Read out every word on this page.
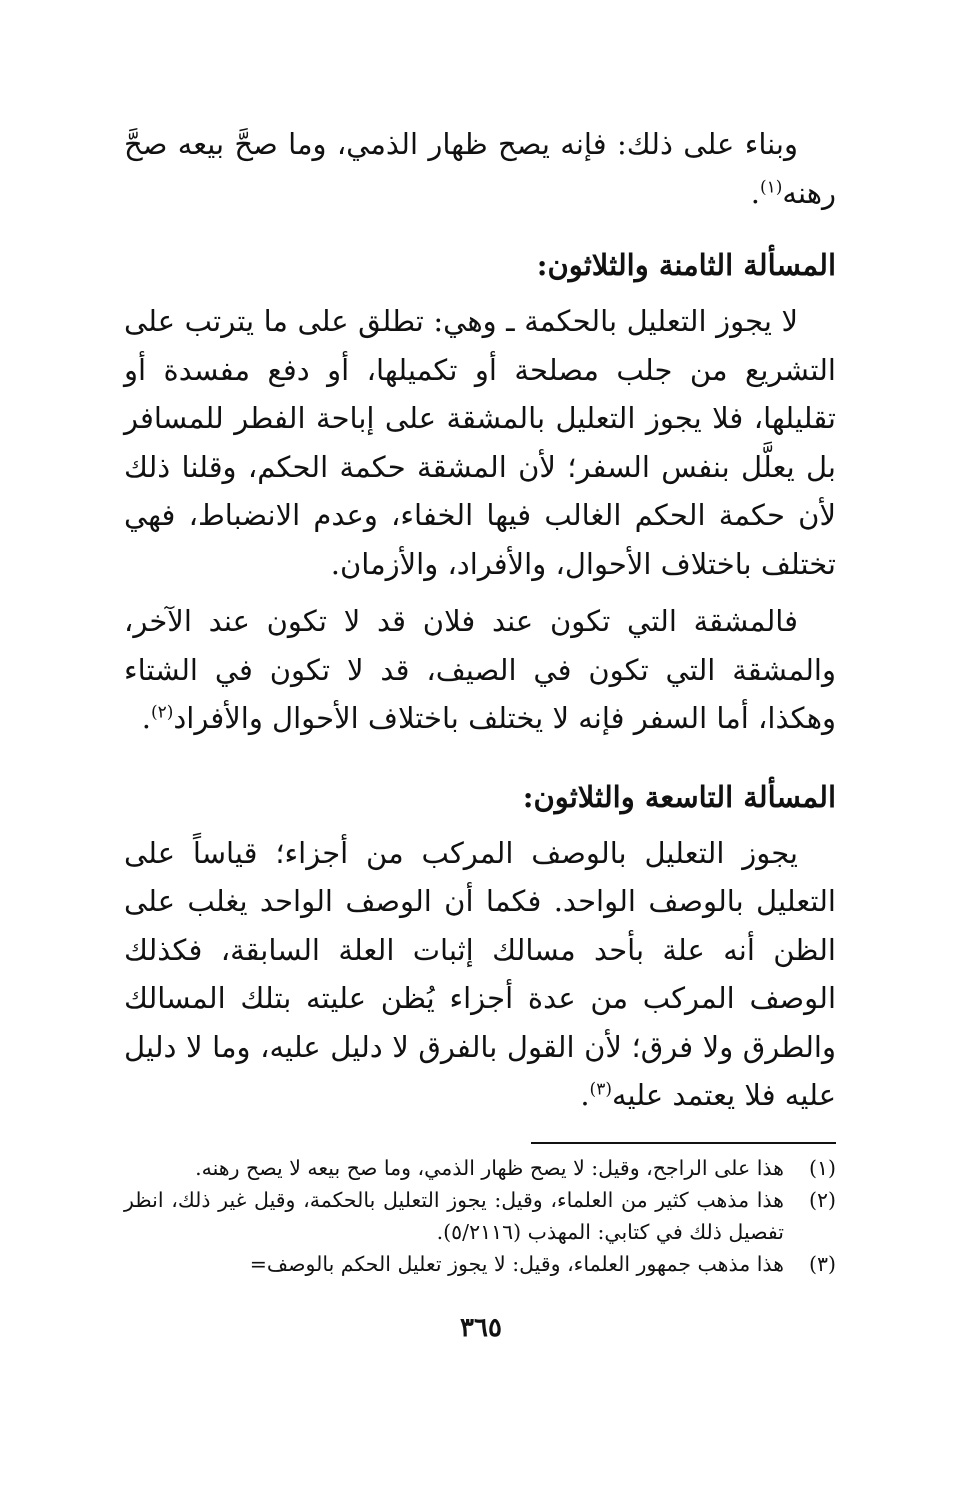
وبناء على ذلك: فإنه يصح ظهار الذمي، وما صحَّ بيعه صحَّ رهنه$^{(١)}$.

المسألة الثامنة والثلاثون:

لا يجوز التعليل بالحكمة ـ وهي: تطلق على ما يترتب على التشريع من جلب مصلحة أو تكميلها، أو دفع مفسدة أو تقليلها، فلا يجوز التعليل بالمشقة على إباحة الفطر للمسافر بل يعلَّل بنفس السفر؛ لأن المشقة حكمة الحكم، وقلنا ذلك لأن حكمة الحكم الغالب فيها الخفاء، وعدم الانضباط، فهي تختلف باختلاف الأحوال، والأفراد، والأزمان.

فالمشقة التي تكون عند فلان قد لا تكون عند الآخر، والمشقة التي تكون في الصيف، قد لا تكون في الشتاء وهكذا، أما السفر فإنه لا يختلف باختلاف الأحوال والأفراد$^{(٢)}$.

المسألة التاسعة والثلاثون:

يجوز التعليل بالوصف المركب من أجزاء؛ قياساً على التعليل بالوصف الواحد. فكما أن الوصف الواحد يغلب على الظن أنه علة بأحد مسالك إثبات العلة السابقة، فكذلك الوصف المركب من عدة أجزاء يُظن عليته بتلك المسالك والطرق ولا فرق؛ لأن القول بالفرق لا دليل عليه، وما لا دليل عليه فلا يعتمد عليه$^{(٣)}$.

(١)
هذا على الراجح، وقيل: لا يصح ظهار الذمي، وما صح بيعه لا يصح رهنه.

(٢)
هذا مذهب كثير من العلماء، وقيل: يجوز التعليل بالحكمة، وقيل غير ذلك، انظر تفصيل ذلك في كتابي: المهذب (٥/٢١١٦).

(٣)
هذا مذهب جمهور العلماء، وقيل: لا يجوز تعليل الحكم بالوصف=

٣٦٥
